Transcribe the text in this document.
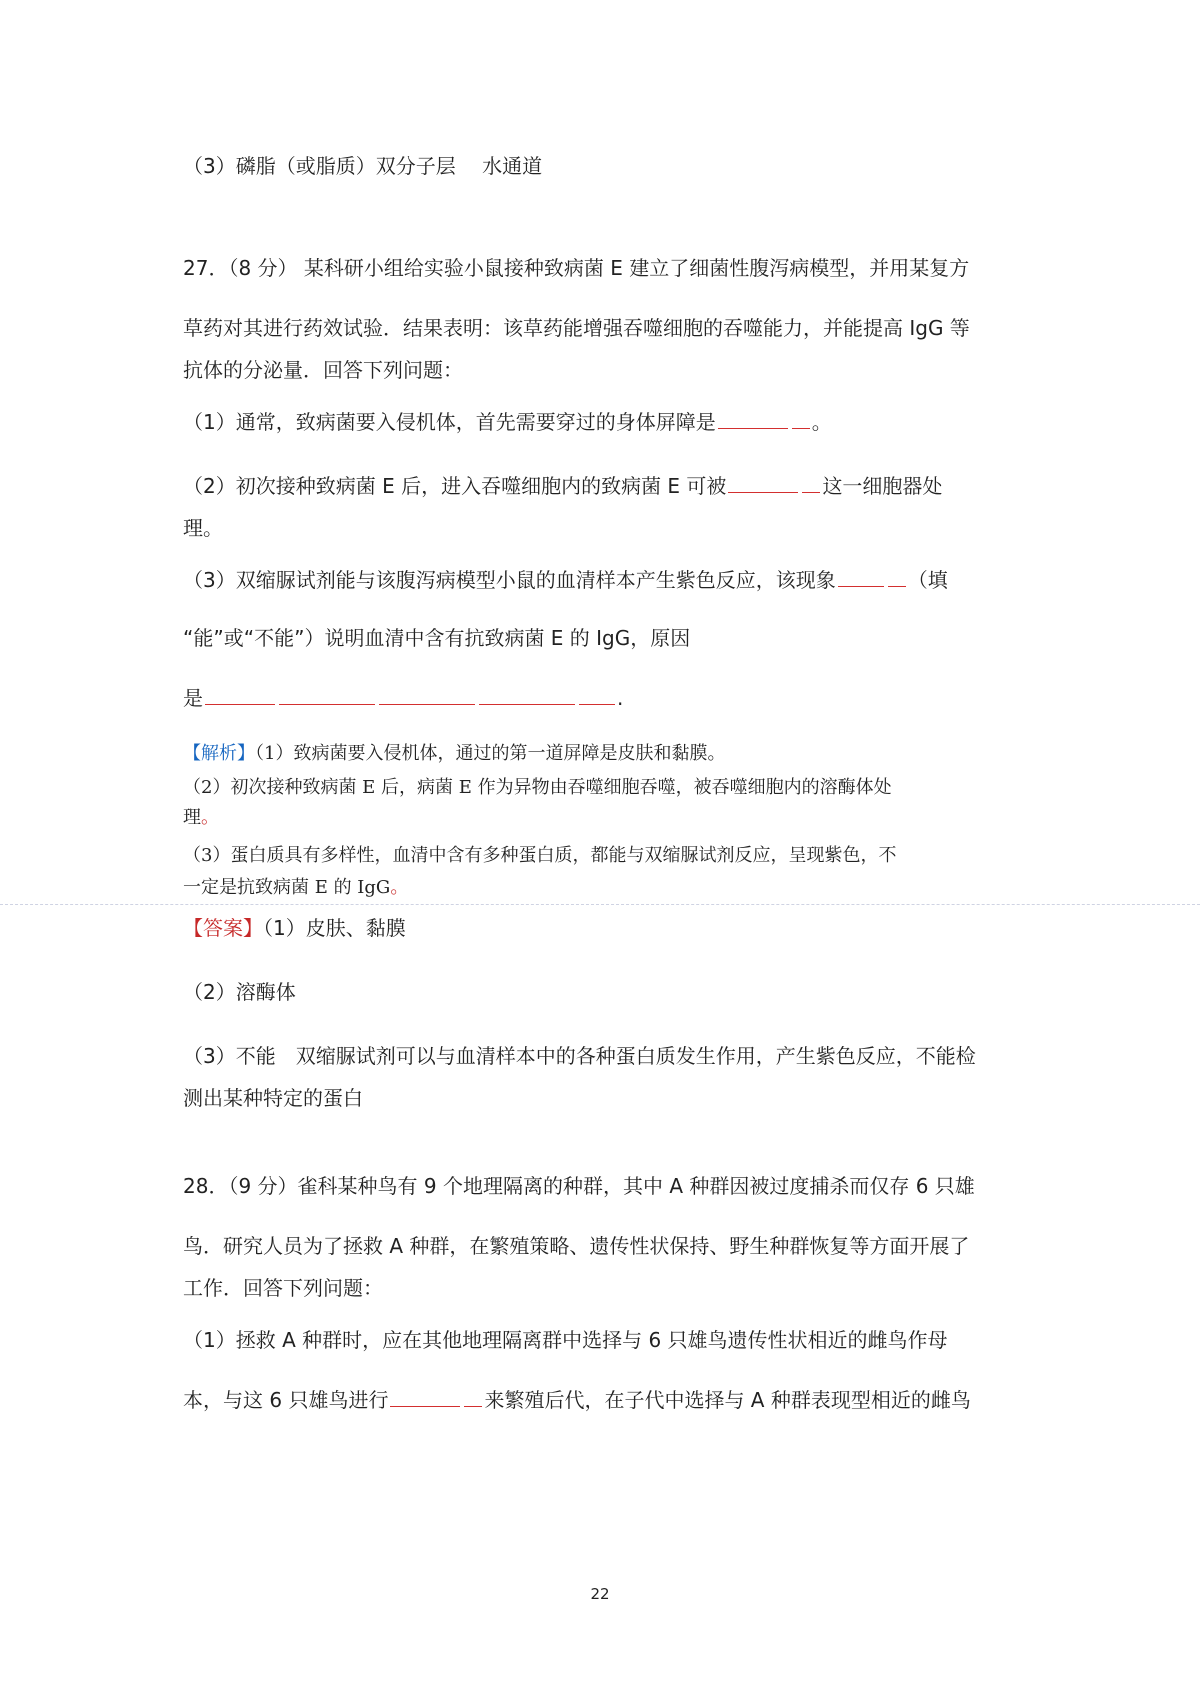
（3）磷脂（或脂质）双分子层　 水通道
27．（8 分） 某科研小组给实验小鼠接种致病菌 E 建立了细菌性腹泻病模型，并用某复方
草药对其进行药效试验．结果表明：该草药能增强吞噬细胞的吞噬能力，并能提高 IgG 等
抗体的分泌量．回答下列问题：
（1）通常，致病菌要入侵机体，首先需要穿过的身体屏障是	。
（2）初次接种致病菌 E 后，进入吞噬细胞内的致病菌 E 可被	这一细胞器处
理。
（3）双缩脲试剂能与该腹泻病模型小鼠的血清样本产生紫色反应，该现象	（填
“能”或“不能”）说明血清中含有抗致病菌 E 的 IgG，原因
是	.
【解析】（1）致病菌要入侵机体，通过的第一道屏障是皮肤和黏膜。
（2）初次接种致病菌 E 后，病菌 E 作为异物由吞噬细胞吞噬，被吞噬细胞内的溶酶体处
理。
（3）蛋白质具有多样性，血清中含有多种蛋白质，都能与双缩脲试剂反应，呈现紫色，不
一定是抗致病菌 E 的 IgG。
【答案】（1）皮肤、黏膜
（2）溶酶体
（3）不能　双缩脲试剂可以与血清样本中的各种蛋白质发生作用，产生紫色反应，不能检
测出某种特定的蛋白
28．（9 分）雀科某种鸟有 9 个地理隔离的种群，其中 A 种群因被过度捕杀而仅存 6 只雄
鸟．研究人员为了拯救 A 种群，在繁殖策略、遗传性状保持、野生种群恢复等方面开展了
工作．回答下列问题：
（1）拯救 A 种群时，应在其他地理隔离群中选择与 6 只雄鸟遗传性状相近的雌鸟作母
本，与这 6 只雄鸟进行	来繁殖后代，在子代中选择与 A 种群表现型相近的雌鸟
22
